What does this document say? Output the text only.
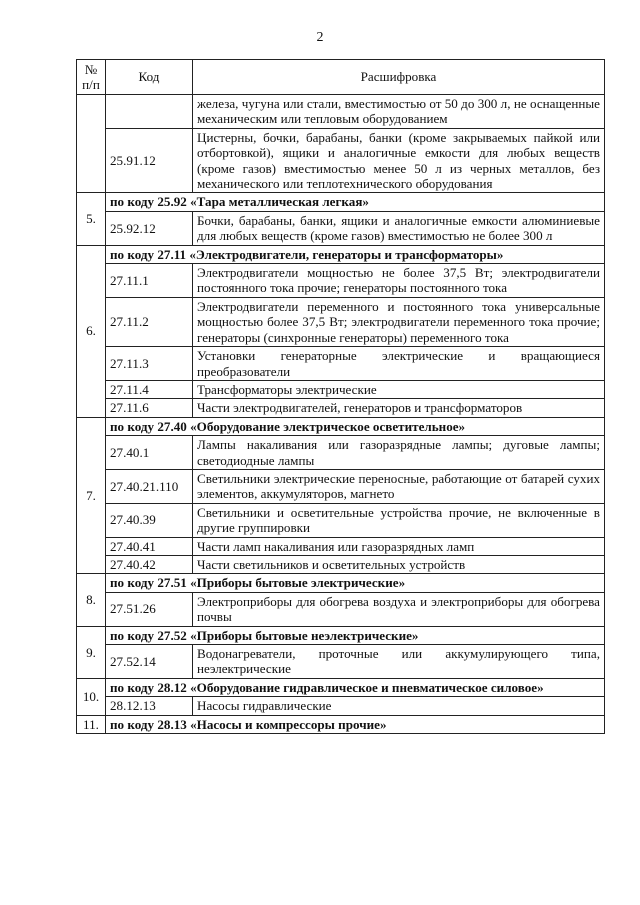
2
№ п/п	Код	Расшифровка
		железа, чугуна или стали, вместимостью от 50 до 300 л, не оснащенные механическим или тепловым оборудованием
	25.91.12	Цистерны, бочки, барабаны, банки (кроме закрываемых пайкой или отбортовкой), ящики и аналогичные емкости для любых веществ (кроме газов) вместимостью менее 50 л из черных металлов, без механического или теплотехнического оборудования
5.	по коду 25.92 «Тара металлическая легкая»	
	25.92.12	Бочки, барабаны, банки, ящики и аналогичные емкости алюминиевые для любых веществ (кроме газов) вместимостью не более 300 л
6.	по коду 27.11 «Электродвигатели, генераторы и трансформаторы»	
	27.11.1	Электродвигатели мощностью не более 37,5 Вт; электродвигатели постоянного тока прочие; генераторы постоянного тока
	27.11.2	Электродвигатели переменного и постоянного тока универсальные мощностью более 37,5 Вт; электродвигатели переменного тока прочие; генераторы (синхронные генераторы) переменного тока
	27.11.3	Установки генераторные электрические и вращающиеся преобразователи
	27.11.4	Трансформаторы электрические
	27.11.6	Части электродвигателей, генераторов и трансформаторов
7.	по коду 27.40 «Оборудование электрическое осветительное»	
	27.40.1	Лампы накаливания или газоразрядные лампы; дуговые лампы; светодиодные лампы
	27.40.21.110	Светильники электрические переносные, работающие от батарей сухих элементов, аккумуляторов, магнето
	27.40.39	Светильники и осветительные устройства прочие, не включенные в другие группировки
	27.40.41	Части ламп накаливания или газоразрядных ламп
	27.40.42	Части светильников и осветительных устройств
8.	по коду 27.51 «Приборы бытовые электрические»	
	27.51.26	Электроприборы для обогрева воздуха и электроприборы для обогрева почвы
9.	по коду 27.52 «Приборы бытовые неэлектрические»	
	27.52.14	Водонагреватели, проточные или аккумулирующего типа, неэлектрические
10.	по коду 28.12 «Оборудование гидравлическое и пневматическое силовое»	
	28.12.13	Насосы гидравлические
11.	по коду 28.13 «Насосы и компрессоры прочие»	
